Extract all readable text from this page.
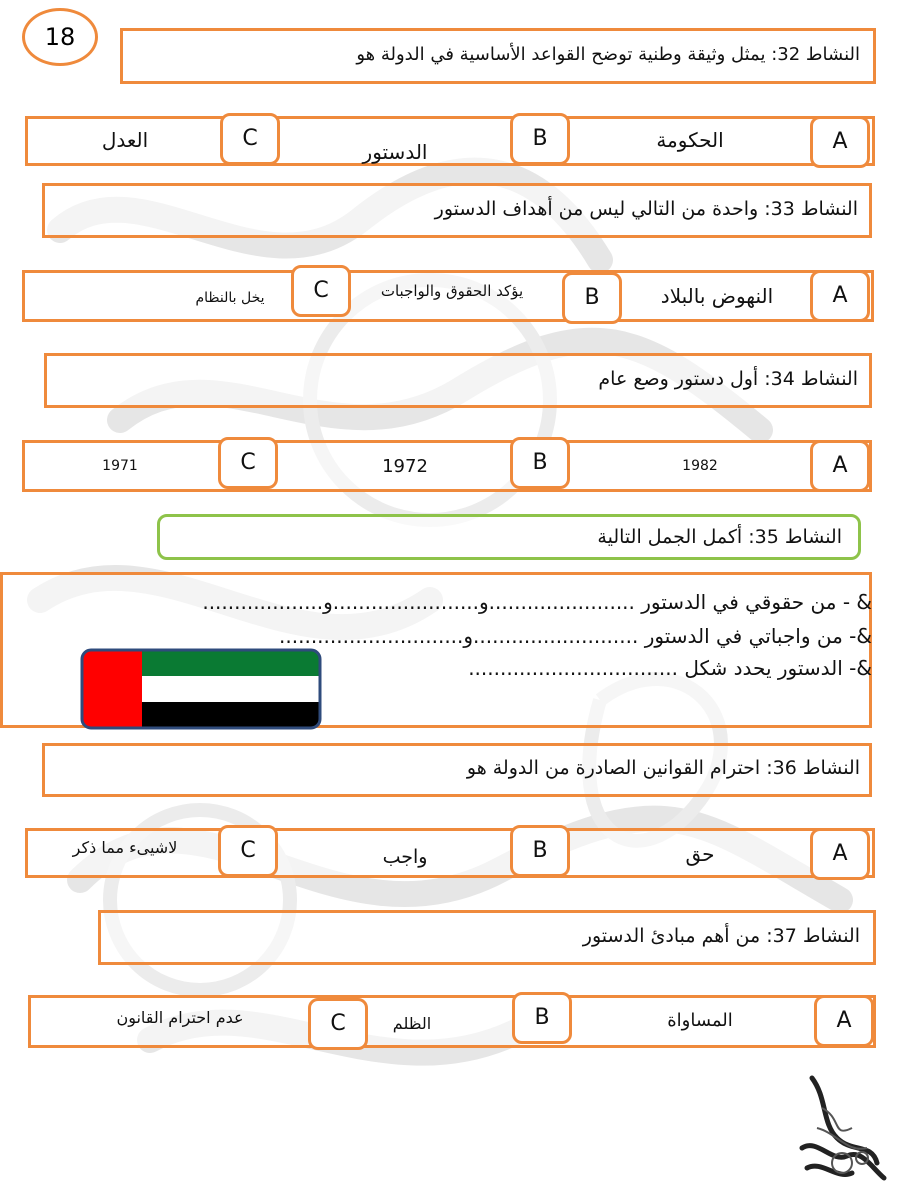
18
النشاط 32: يمثل وثيقة وطنية توضح القواعد الأساسية في الدولة هو
الحكومة
الدستور
العدل	A
B
C
النشاط 33: واحدة من التالي ليس من أهداف الدستور
النهوض بالبلاد
يؤكد الحقوق والواجبات
يخل بالنظام	A
B
C
النشاط 34: أول دستور وصع عام
1982
1972
1971	A
B
C
النشاط 35: أكمل الجمل التالية
& - من حقوقي في الدستور .......................و.......................و...................
&- من واجباتي في الدستور ..........................و.............................
&- الدستور يحدد شكل .................................
النشاط 36: احترام القوانين الصادرة من الدولة هو
حق
واجب
لاشيىء مما ذكر	A
B
C
النشاط 37: من أهم مبادئ الدستور
المساواة
الظلم
عدم احترام القانون	A
B
C
